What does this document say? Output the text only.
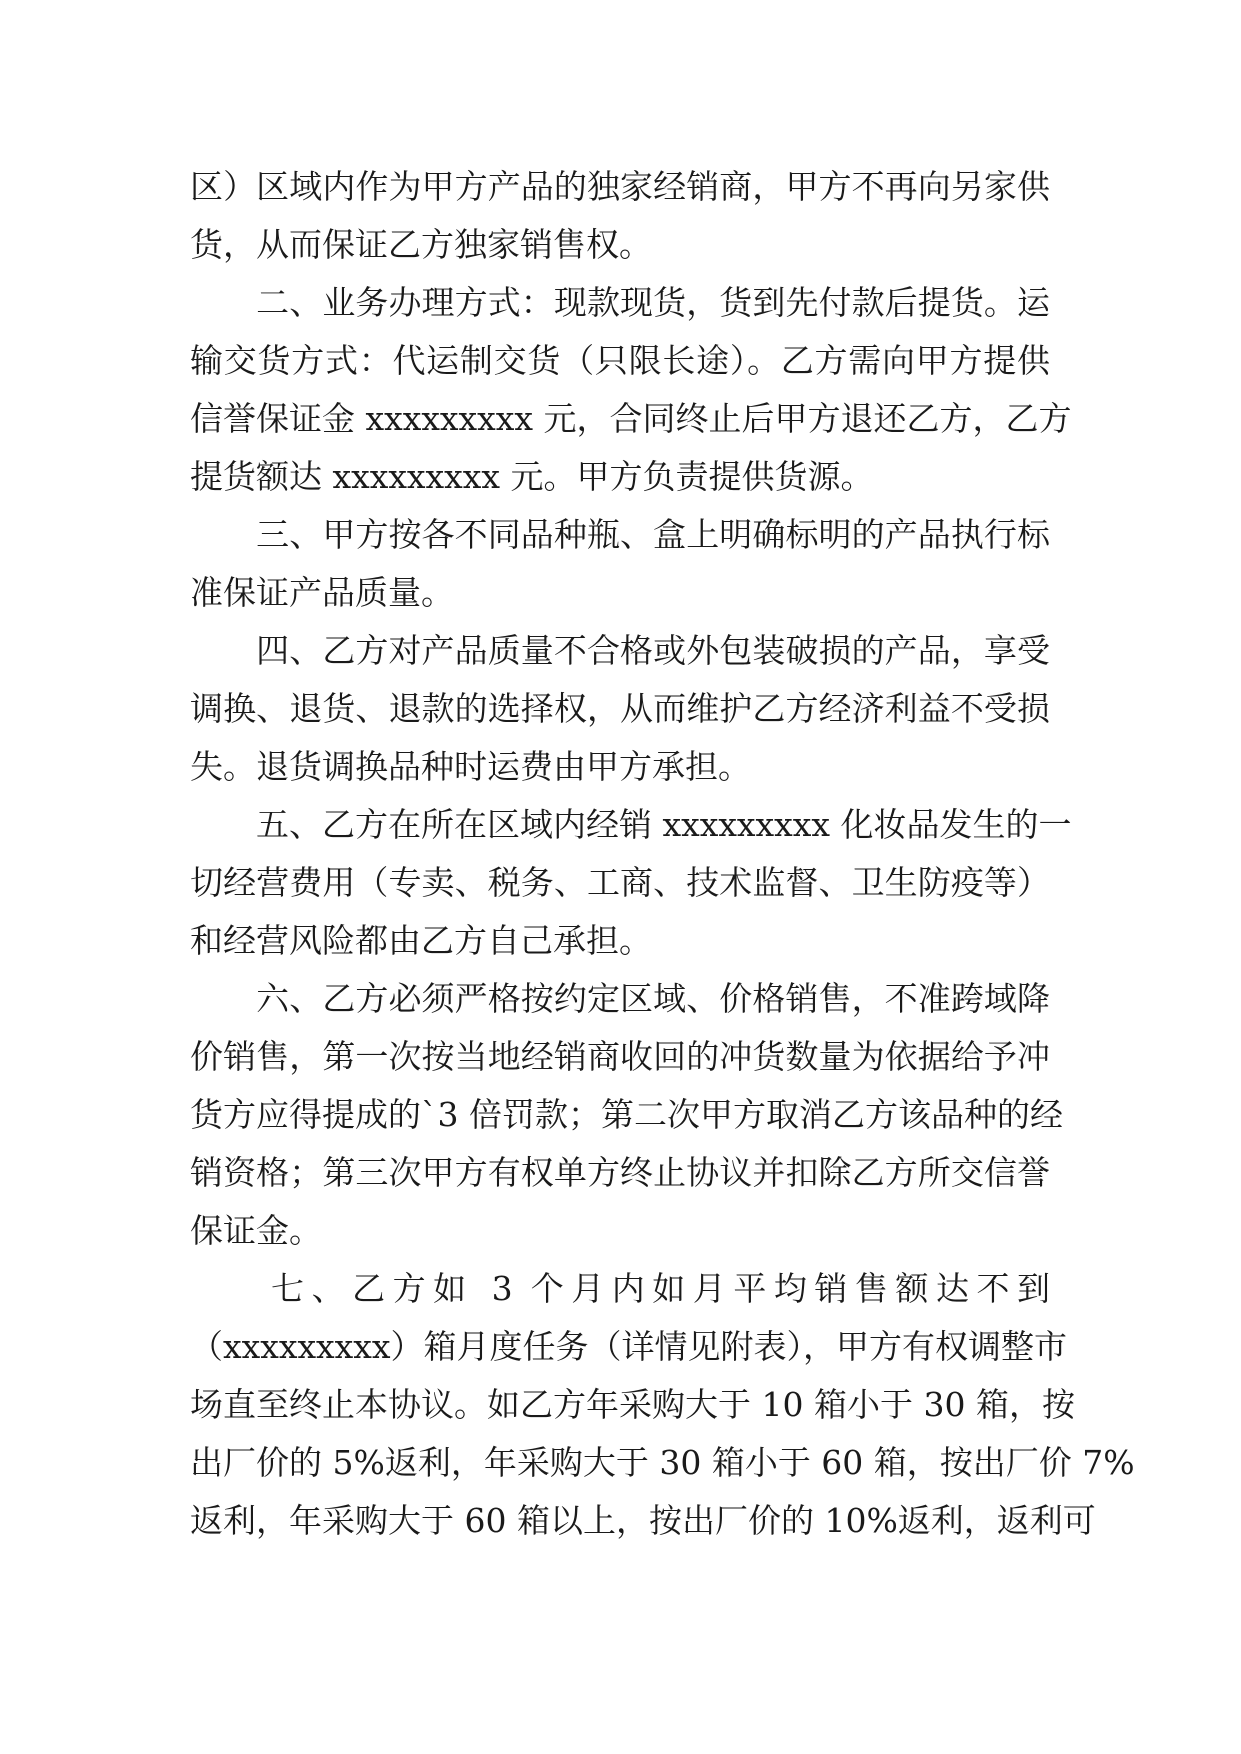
区）区域内作为甲方产品的独家经销商，甲方不再向另家供
货，从而保证乙方独家销售权。
　　二、业务办理方式：现款现货，货到先付款后提货。运
输交货方式：代运制交货（只限长途）。乙方需向甲方提供
信誉保证金 xxxxxxxxx 元，合同终止后甲方退还乙方，乙方
提货额达 xxxxxxxxx 元。甲方负责提供货源。
　　三、甲方按各不同品种瓶、盒上明确标明的产品执行标
准保证产品质量。
　　四、乙方对产品质量不合格或外包装破损的产品，享受
调换、退货、退款的选择权，从而维护乙方经济利益不受损
失。退货调换品种时运费由甲方承担。
　　五、乙方在所在区域内经销 xxxxxxxxx 化妆品发生的一
切经营费用（专卖、税务、工商、技术监督、卫生防疫等）
和经营风险都由乙方自己承担。
　　六、乙方必须严格按约定区域、价格销售，不准跨域降
价销售，第一次按当地经销商收回的冲货数量为依据给予冲
货方应得提成的`3 倍罚款；第二次甲方取消乙方该品种的经
销资格；第三次甲方有权单方终止协议并扣除乙方所交信誉
保证金。
　　七、乙方如 3 个月内如月平均销售额达不到
（xxxxxxxxx）箱月度任务（详情见附表），甲方有权调整市
场直至终止本协议。如乙方年采购大于 10 箱小于 30 箱，按
出厂价的 5%返利，年采购大于 30 箱小于 60 箱，按出厂价 7%
返利，年采购大于 60 箱以上，按出厂价的 10%返利，返利可
